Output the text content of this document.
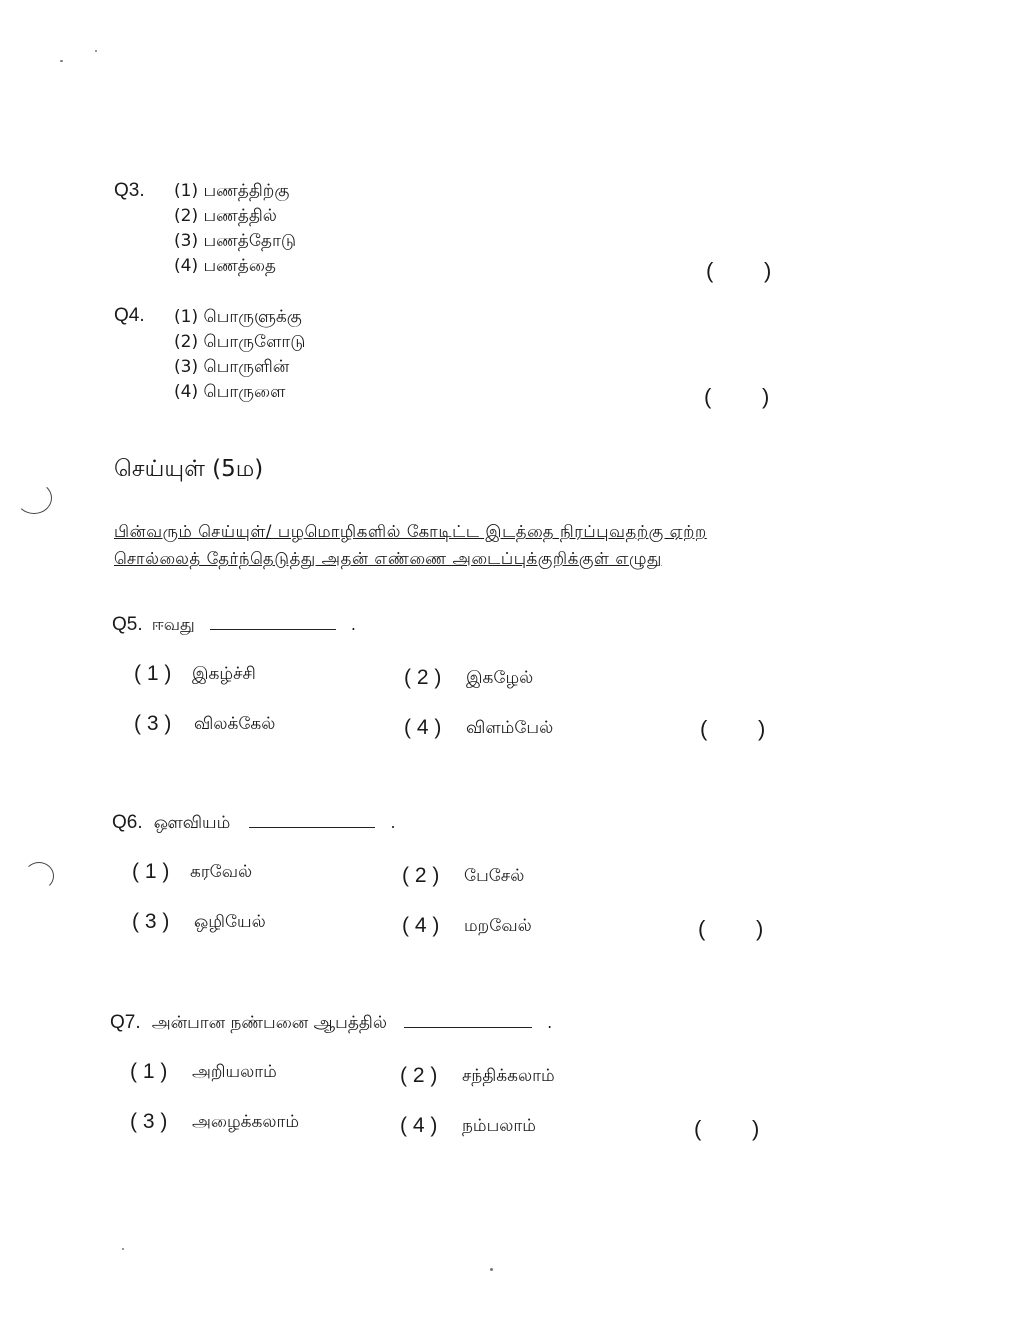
Q3. (1) பணத்திற்கு
(2) பணத்தில்
(3) பணத்தோடு
(4) பணத்தை	(      )
Q4. (1) பொருளுக்கு
(2) பொருளோடு
(3) பொருளின்
(4) பொருளை	(      )
செய்யுள் (5ம)
பின்வரும் செய்யுள்/ பழமொழிகளில் கோடிட்ட இடத்தை நிரப்புவதற்கு ஏற்ற
சொல்லைத் தேர்ந்தெடுத்து அதன் எண்ணை அடைப்புக்குறிக்குள் எழுது
Q5. ஈவது	.
( 1 ) இகழ்ச்சி	( 2 ) இகழேல்
( 3 ) விலக்கேல்	( 4 ) விளம்பேல்	(      )
Q6. ஔவியம்	.
( 1 ) கரவேல்	( 2 ) பேசேல்
( 3 ) ஒழியேல்	( 4 ) மறவேல்	(      )
Q7. அன்பான நண்பனை ஆபத்தில்	.
( 1 ) அறியலாம்	( 2 ) சந்திக்கலாம்
( 3 ) அழைக்கலாம்	( 4 ) நம்பலாம்	(      )
